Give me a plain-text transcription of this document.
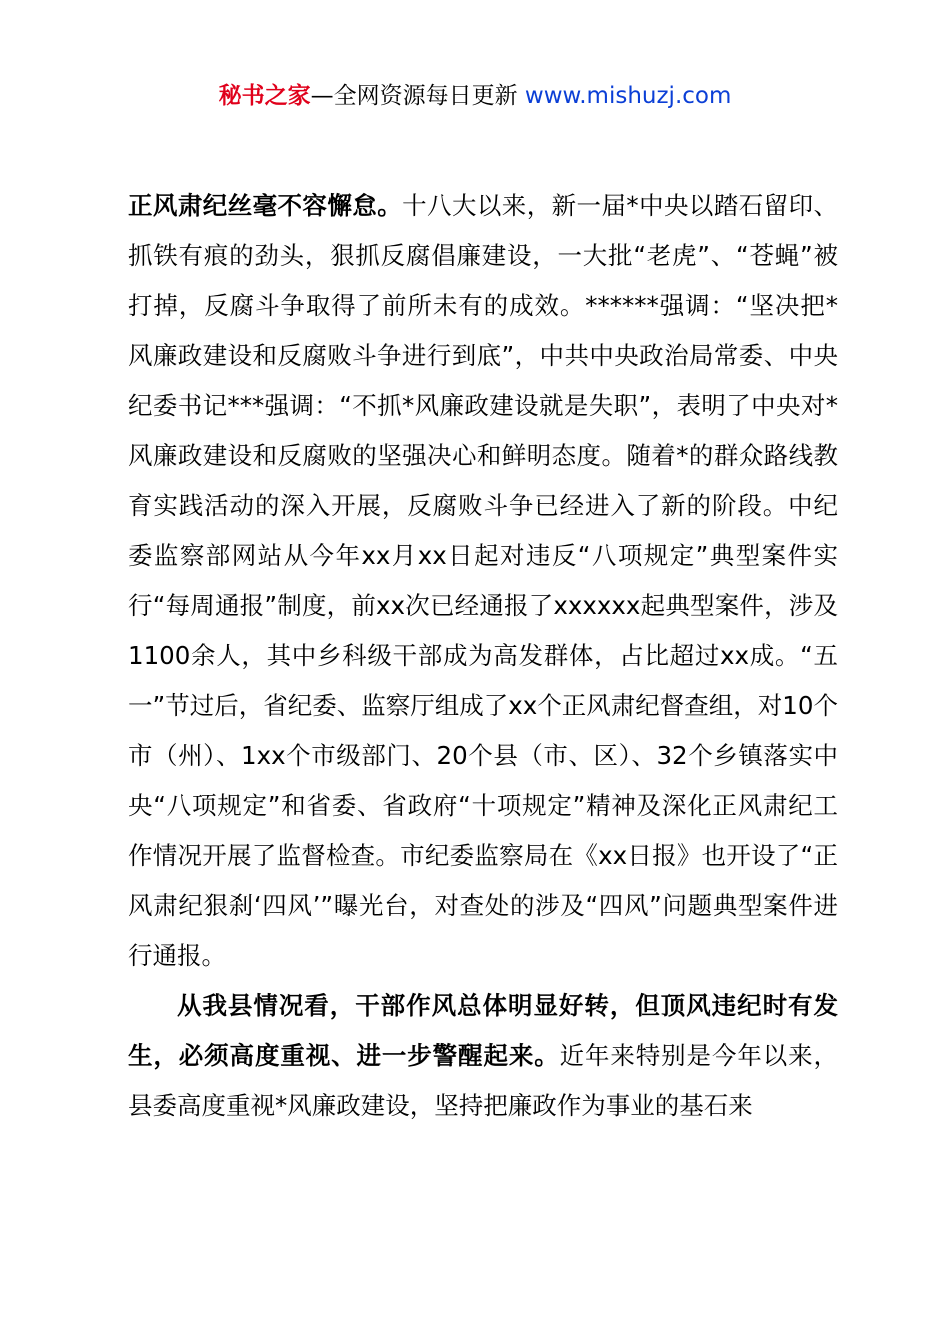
秘书之家—全网资源每日更新 www.mishuzj.com

正风肃纪丝毫不容懈怠。十八大以来，新一届*中央以踏石留印、抓铁有痕的劲头，狠抓反腐倡廉建设，一大批“老虎”、“苍蝇”被打掉，反腐斗争取得了前所未有的成效。******强调：“坚决把*风廉政建设和反腐败斗争进行到底”，中共中央政治局常委、中央纪委书记***强调：“不抓*风廉政建设就是失职”，表明了中央对*风廉政建设和反腐败的坚强决心和鲜明态度。随着*的群众路线教育实践活动的深入开展，反腐败斗争已经进入了新的阶段。中纪委监察部网站从今年xx月xx日起对违反“八项规定”典型案件实行“每周通报”制度，前xx次已经通报了xxxxxx起典型案件，涉及1100余人，其中乡科级干部成为高发群体，占比超过xx成。“五一”节过后，省纪委、监察厅组成了xx个正风肃纪督查组，对10个市（州）、1xx个市级部门、20个县（市、区）、32个乡镇落实中央“八项规定”和省委、省政府“十项规定”精神及深化正风肃纪工作情况开展了监督检查。市纪委监察局在《xx日报》也开设了“正风肃纪狠刹‘四风’”曝光台，对查处的涉及“四风”问题典型案件进行通报。

从我县情况看，干部作风总体明显好转，但顶风违纪时有发生，必须高度重视、进一步警醒起来。近年来特别是今年以来，县委高度重视*风廉政建设，坚持把廉政作为事业的基石来
